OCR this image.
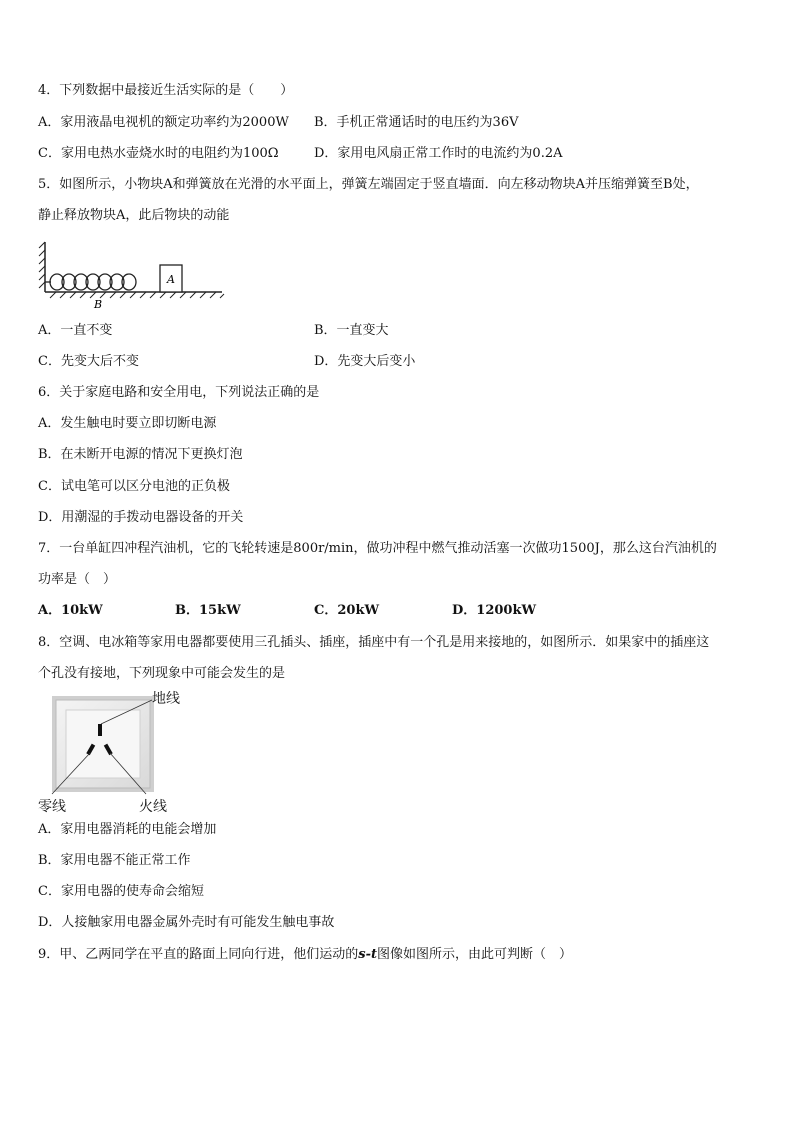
4．下列数据中最接近生活实际的是（　　）
A．家用液晶电视机的额定功率约为2000W B．手机正常通话时的电压约为36V
C．家用电热水壶烧水时的电阻约为100Ω	D．家用电风扇正常工作时的电流约为0.2A
5．如图所示，小物块A和弹簧放在光滑的水平面上，弹簧左端固定于竖直墙面．向左移动物块A并压缩弹簧至B处，
静止释放物块A，此后物块的动能
A
B
A．一直不变	B．一直变大
C．先变大后不变	D．先变大后变小
6．关于家庭电路和安全用电，下列说法正确的是
A．发生触电时要立即切断电源
B．在未断开电源的情况下更换灯泡
C．试电笔可以区分电池的正负极
D．用潮湿的手拨动电器设备的开关
7．一台单缸四冲程汽油机，它的飞轮转速是800r/min，做功冲程中燃气推动活塞一次做功1500J，那么这台汽油机的
功率是（　）
A．10kW	B．15kW	C．20kW	D．1200kW
8．空调、电冰箱等家用电器都要使用三孔插头、插座，插座中有一个孔是用来接地的，如图所示．如果家中的插座这
个孔没有接地，下列现象中可能会发生的是
地线
零线	火线
A．家用电器消耗的电能会增加
B．家用电器不能正常工作
C．家用电器的使寿命会缩短
D．人接触家用电器金属外壳时有可能发生触电事故
9．甲、乙两同学在平直的路面上同向行进，他们运动的s-t图像如图所示，由此可判断（　）
